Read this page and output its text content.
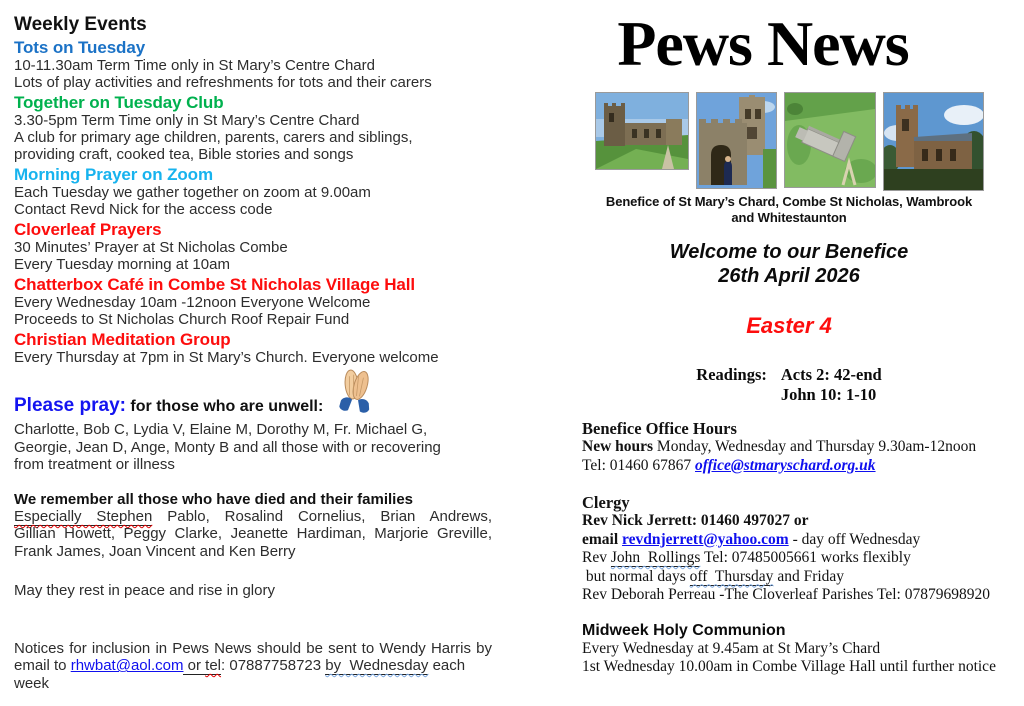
Weekly Events
Tots on Tuesday
10-11.30am Term Time only in St Mary’s Centre Chard
Lots of play activities and refreshments for tots and their carers
Together on Tuesday Club
3.30-5pm Term Time only in St Mary’s Centre Chard
A club for primary age children, parents, carers and siblings,
providing craft, cooked tea, Bible stories and songs
Morning Prayer on Zoom
Each Tuesday we gather together on zoom at 9.00am
Contact Revd Nick for the access code
Cloverleaf Prayers
30 Minutes’ Prayer at St Nicholas Combe
Every Tuesday morning at 10am
Chatterbox Café in Combe St Nicholas Village Hall
Every Wednesday 10am -12noon Everyone Welcome
Proceeds to St Nicholas Church Roof Repair Fund
Christian Meditation Group
Every Thursday at 7pm in St Mary’s Church. Everyone welcome
Please pray: for those who are unwell:
Charlotte, Bob C, Lydia V, Elaine M, Dorothy M, Fr. Michael G,
Georgie, Jean D, Ange, Monty B and all those with or recovering
from treatment or illness
We remember all those who have died and their families
Especially Stephen Pablo, Rosalind Cornelius, Brian Andrews,
Gillian Howett, Peggy Clarke, Jeanette Hardiman, Marjorie Greville,
Frank James, Joan Vincent and Ken Berry
May they rest in peace and rise in glory
Notices for inclusion in Pews News should be sent to Wendy Harris by
email to rhwbat@aol.com or tel: 07887758723 by  Wednesday each week
Pews News
Benefice of St Mary’s Chard, Combe St Nicholas, Wambrook
and Whitestaunton
Welcome to our Benefice
26th April 2026
Easter 4
Readings: Acts 2: 42-end
John 10: 1-10
Benefice Office Hours
New hours Monday, Wednesday and Thursday 9.30am-12noon
Tel: 01460 67867 office@stmaryschard.org.uk
Clergy
Rev Nick Jerrett: 01460 497027 or
email revdnjerrett@yahoo.com - day off Wednesday
Rev John  Rollings Tel: 07485005661 works flexibly
but normal days off  Thursday and Friday
Rev Deborah Perreau -The Cloverleaf Parishes Tel: 07879698920
Midweek Holy Communion
Every Wednesday at 9.45am at St Mary’s Chard
1st Wednesday 10.00am in Combe Village Hall until further notice
